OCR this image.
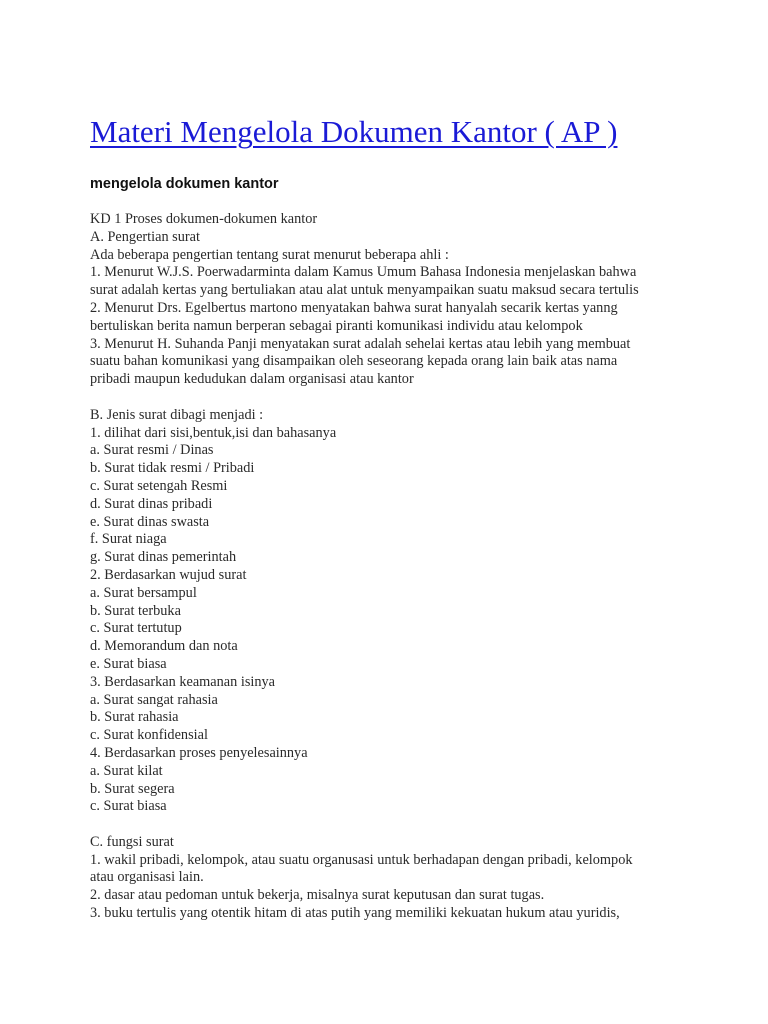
Materi Mengelola Dokumen Kantor ( AP )
mengelola dokumen kantor
KD 1 Proses dokumen-dokumen kantor
A. Pengertian surat
Ada beberapa pengertian tentang surat menurut beberapa ahli :
1. Menurut W.J.S. Poerwadarminta dalam Kamus Umum Bahasa Indonesia menjelaskan bahwa
surat adalah kertas yang bertuliakan atau alat untuk menyampaikan suatu maksud secara tertulis
2. Menurut Drs. Egelbertus martono menyatakan bahwa surat hanyalah secarik kertas yanng
bertuliskan berita namun berperan sebagai piranti komunikasi individu atau kelompok
3. Menurut H. Suhanda Panji menyatakan surat adalah sehelai kertas atau lebih yang membuat
suatu bahan komunikasi yang disampaikan oleh seseorang kepada orang lain baik atas nama
pribadi maupun kedudukan dalam organisasi atau kantor
B. Jenis surat dibagi menjadi :
1. dilihat dari sisi,bentuk,isi dan bahasanya
a. Surat resmi / Dinas
b. Surat tidak resmi / Pribadi
c. Surat setengah Resmi
d. Surat dinas pribadi
e. Surat dinas swasta
f. Surat niaga
g. Surat dinas pemerintah
2. Berdasarkan wujud surat
a. Surat bersampul
b. Surat terbuka
c. Surat tertutup
d. Memorandum dan nota
e. Surat biasa
3. Berdasarkan keamanan isinya
a. Surat sangat rahasia
b. Surat rahasia
c. Surat konfidensial
4. Berdasarkan proses penyelesainnya
a. Surat kilat
b. Surat segera
c. Surat biasa
C. fungsi surat
1. wakil pribadi, kelompok, atau suatu organusasi untuk berhadapan dengan pribadi, kelompok
atau organisasi lain.
2. dasar atau pedoman untuk bekerja, misalnya surat keputusan dan surat tugas.
3. buku tertulis yang otentik hitam di atas putih yang memiliki kekuatan hukum atau yuridis,
